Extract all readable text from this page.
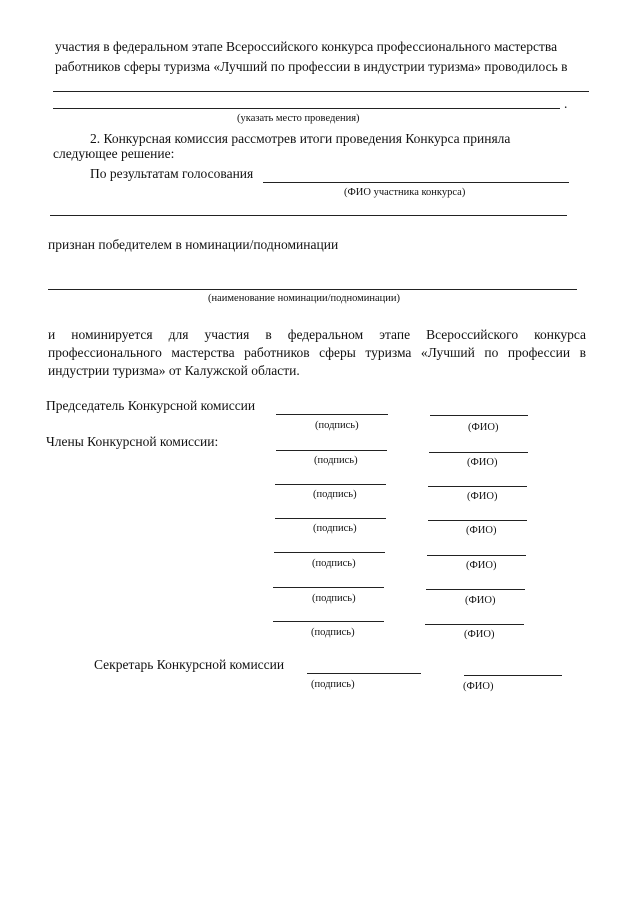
участия в федеральном этапе Всероссийского конкурса профессионального мастерства
работников сферы туризма «Лучший по профессии в индустрии туризма» проводилось в
.
(указать место проведения)
2. Конкурсная комиссия рассмотрев итоги проведения Конкурса приняла
следующее решение:
По результатам голосования
(ФИО участника конкурса)
признан победителем в номинации/подноминации
(наименование номинации/подноминации)
и номинируется для участия в федеральном этапе Всероссийского конкурса
профессионального мастерства работников сферы туризма «Лучший по профессии в
индустрии туризма» от Калужской области.
Председатель Конкурсной комиссии
(подпись)	(ФИО)
Члены Конкурсной комиссии:
(подпись)	(ФИО)
(подпись)	(ФИО)
(подпись)	(ФИО)
(подпись)	(ФИО)
(подпись)	(ФИО)
(подпись)	(ФИО)
Секретарь Конкурсной комиссии
(подпись)	(ФИО)
